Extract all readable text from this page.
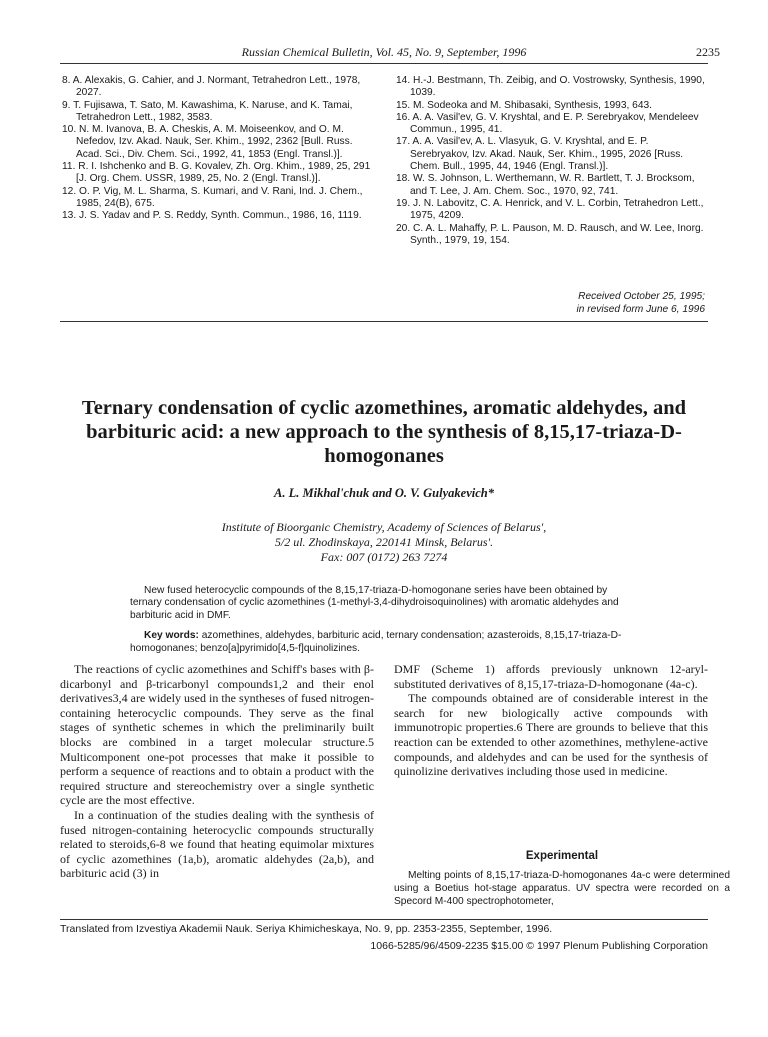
Russian Chemical Bulletin, Vol. 45, No. 9, September, 1996	2235

8. A. Alexakis, G. Cahier, and J. Normant, Tetrahedron Lett., 1978, 2027.

9. T. Fujisawa, T. Sato, M. Kawashima, K. Naruse, and K. Tamai, Tetrahedron Lett., 1982, 3583.

10. N. M. Ivanova, B. A. Cheskis, A. M. Moiseenkov, and O. M. Nefedov, Izv. Akad. Nauk, Ser. Khim., 1992, 2362 [Bull. Russ. Acad. Sci., Div. Chem. Sci., 1992, 41, 1853 (Engl. Transl.)].

11. R. I. Ishchenko and B. G. Kovalev, Zh. Org. Khim., 1989, 25, 291 [J. Org. Chem. USSR, 1989, 25, No. 2 (Engl. Transl.)].

12. O. P. Vig, M. L. Sharma, S. Kumari, and V. Rani, Ind. J. Chem., 1985, 24(B), 675.

13. J. S. Yadav and P. S. Reddy, Synth. Commun., 1986, 16, 1119.

14. H.-J. Bestmann, Th. Zeibig, and O. Vostrowsky, Synthesis, 1990, 1039.

15. M. Sodeoka and M. Shibasaki, Synthesis, 1993, 643.

16. A. A. Vasil'ev, G. V. Kryshtal, and E. P. Serebryakov, Mendeleev Commun., 1995, 41.

17. A. A. Vasil'ev, A. L. Vlasyuk, G. V. Kryshtal, and E. P. Serebryakov, Izv. Akad. Nauk, Ser. Khim., 1995, 2026 [Russ. Chem. Bull., 1995, 44, 1946 (Engl. Transl.)].

18. W. S. Johnson, L. Werthemann, W. R. Bartlett, T. J. Brocksom, and T. Lee, J. Am. Chem. Soc., 1970, 92, 741.

19. J. N. Labovitz, C. A. Henrick, and V. L. Corbin, Tetrahedron Lett., 1975, 4209.

20. C. A. L. Mahaffy, P. L. Pauson, M. D. Rausch, and W. Lee, Inorg. Synth., 1979, 19, 154.

Received October 25, 1995;
in revised form June 6, 1996
Ternary condensation of cyclic azomethines, aromatic aldehydes, and barbituric acid: a new approach to the synthesis of 8,15,17-triaza-D-homogonanes
A. L. Mikhal'chuk and O. V. Gulyakevich*
Institute of Bioorganic Chemistry, Academy of Sciences of Belarus',
5/2 ul. Zhodinskaya, 220141 Minsk, Belarus'.
Fax: 007 (0172) 263 7274

New fused heterocyclic compounds of the 8,15,17-triaza-D-homogonane series have been obtained by ternary condensation of cyclic azomethines (1-methyl-3,4-dihydroisoquinolines) with aromatic aldehydes and barbituric acid in DMF.

Key words: azomethines, aldehydes, barbituric acid, ternary condensation; azasteroids, 8,15,17-triaza-D-homogonanes; benzo[a]pyrimido[4,5-f]quinolizines.

The reactions of cyclic azomethines and Schiff's bases with β-dicarbonyl and β-tricarbonyl compounds1,2 and their enol derivatives3,4 are widely used in the syntheses of fused nitrogen-containing heterocyclic compounds. They serve as the final stages of synthetic schemes in which the preliminarily built blocks are combined in a target molecular structure.5 Multicomponent one-pot processes that make it possible to perform a sequence of reactions and to obtain a product with the required structure and stereochemistry over a single synthetic cycle are the most effective.

In a continuation of the studies dealing with the synthesis of fused nitrogen-containing heterocyclic compounds structurally related to steroids,6-8 we found that heating equimolar mixtures of cyclic azomethines (1a,b), aromatic aldehydes (2a,b), and barbituric acid (3) in

DMF (Scheme 1) affords previously unknown 12-aryl-substituted derivatives of 8,15,17-triaza-D-homogonane (4a-c).

The compounds obtained are of considerable interest in the search for new biologically active compounds with immunotropic properties.6 There are grounds to believe that this reaction can be extended to other azomethines, methylene-active compounds, and aldehydes and can be used for the synthesis of quinolizine derivatives including those used in medicine.

Experimental

Melting points of 8,15,17-triaza-D-homogonanes 4a-c were determined using a Boetius hot-stage apparatus. UV spectra were recorded on a Specord M-400 spectrophotometer,

Translated from Izvestiya Akademii Nauk. Seriya Khimicheskaya, No. 9, pp. 2353-2355, September, 1996.
1066-5285/96/4509-2235 $15.00 © 1997 Plenum Publishing Corporation
